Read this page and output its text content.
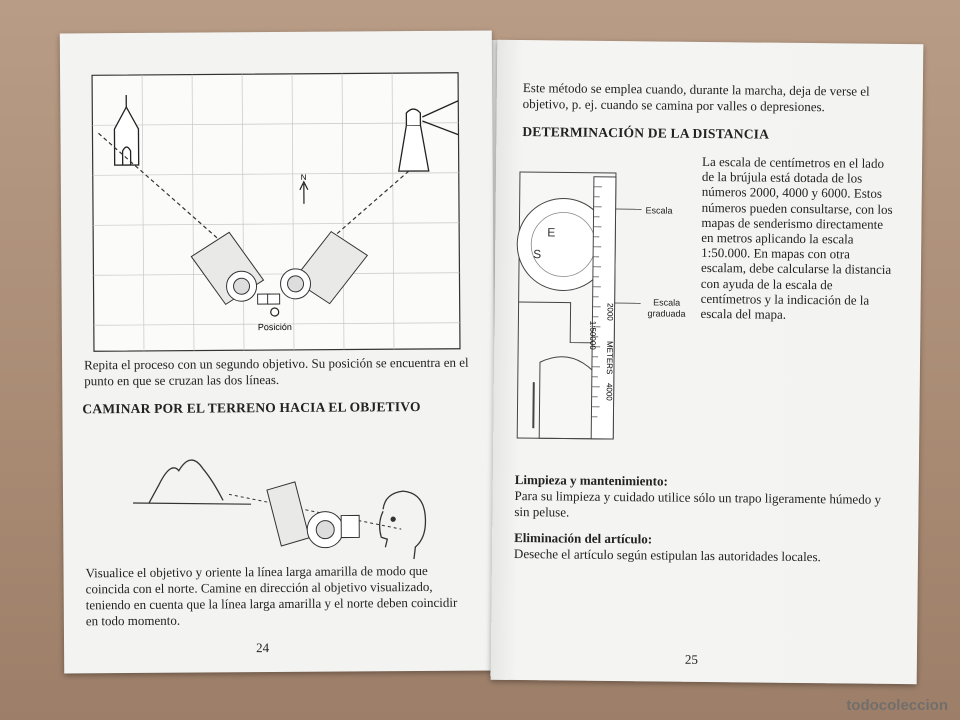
N
Posición
Repita el proceso con un segundo objetivo. Su posición se encuentra en el punto en que se cruzan las dos líneas.
CAMINAR POR EL TERRENO HACIA EL OBJETIVO
Visualice el objetivo y oriente la línea larga amarilla de modo que coincida con el norte. Camine en dirección al objetivo visualizado, teniendo en cuenta que la línea larga amarilla y el norte deben coincidir en todo momento.
24
Este método se emplea cuando, durante la marcha, deja de verse el objetivo, p. ej. cuando se camina por valles o depresiones.
DETERMINACIÓN DE LA DISTANCIA
E
S
2000
1:50000
METERS
4000
Escala
Escala graduada
La escala de centímetros en el lado de la brújula está dotada de los números 2000, 4000 y 6000. Estos números pueden consultarse, con los mapas de senderismo directamente en metros aplicando la escala 1:50.000. En mapas con otra escalam, debe calcularse la distancia con ayuda de la escala de centímetros y la indicación de la escala del mapa.
Limpieza y mantenimiento:
Para su limpieza y cuidado utilice sólo un trapo ligeramente húmedo y sin peluse.
Eliminación del artículo:
Deseche el artículo según estipulan las autoridades locales.
25
todocoleccion
